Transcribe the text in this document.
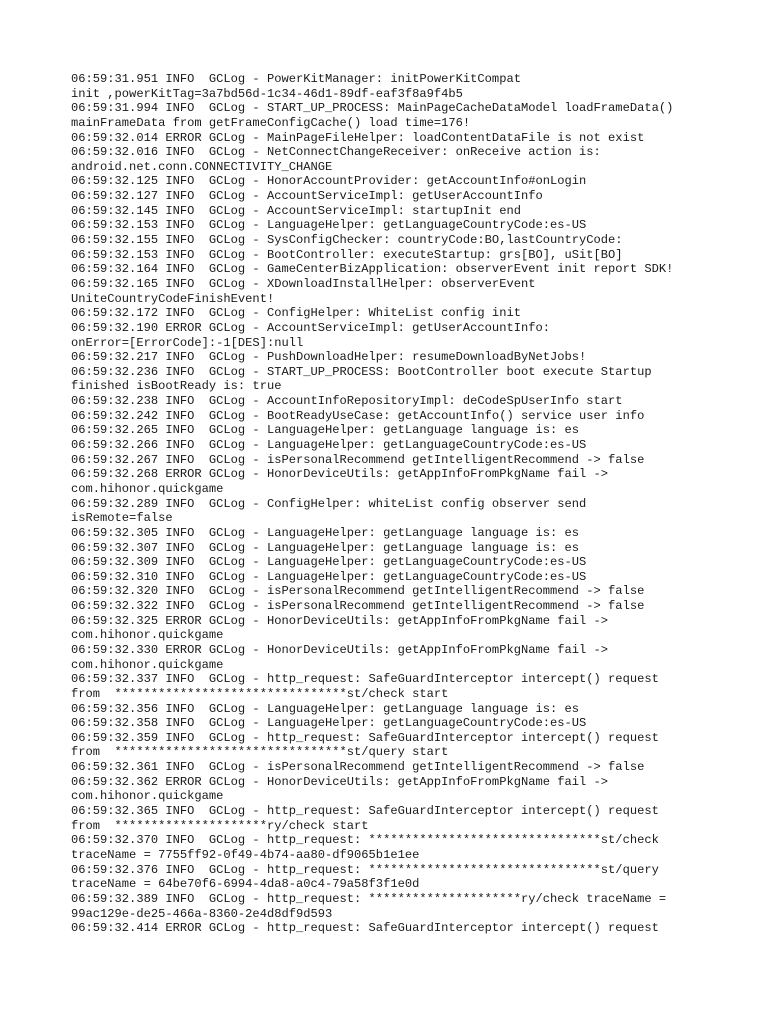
06:59:31.951 INFO  GCLog - PowerKitManager: initPowerKitCompat
init ,powerKitTag=3a7bd56d-1c34-46d1-89df-eaf3f8a9f4b5
06:59:31.994 INFO  GCLog - START_UP_PROCESS: MainPageCacheDataModel loadFrameData()
mainFrameData from getFrameConfigCache() load time=176!
06:59:32.014 ERROR GCLog - MainPageFileHelper: loadContentDataFile is not exist
06:59:32.016 INFO  GCLog - NetConnectChangeReceiver: onReceive action is:
android.net.conn.CONNECTIVITY_CHANGE
06:59:32.125 INFO  GCLog - HonorAccountProvider: getAccountInfo#onLogin
06:59:32.127 INFO  GCLog - AccountServiceImpl: getUserAccountInfo
06:59:32.145 INFO  GCLog - AccountServiceImpl: startupInit end
06:59:32.153 INFO  GCLog - LanguageHelper: getLanguageCountryCode:es-US
06:59:32.155 INFO  GCLog - SysConfigChecker: countryCode:BO,lastCountryCode:
06:59:32.153 INFO  GCLog - BootController: executeStartup: grs[BO], uSit[BO]
06:59:32.164 INFO  GCLog - GameCenterBizApplication: observerEvent init report SDK!
06:59:32.165 INFO  GCLog - XDownloadInstallHelper: observerEvent
UniteCountryCodeFinishEvent!
06:59:32.172 INFO  GCLog - ConfigHelper: WhiteList config init
06:59:32.190 ERROR GCLog - AccountServiceImpl: getUserAccountInfo:
onError=[ErrorCode]:-1[DES]:null
06:59:32.217 INFO  GCLog - PushDownloadHelper: resumeDownloadByNetJobs!
06:59:32.236 INFO  GCLog - START_UP_PROCESS: BootController boot execute Startup
finished isBootReady is: true
06:59:32.238 INFO  GCLog - AccountInfoRepositoryImpl: deCodeSpUserInfo start
06:59:32.242 INFO  GCLog - BootReadyUseCase: getAccountInfo() service user info
06:59:32.265 INFO  GCLog - LanguageHelper: getLanguage language is: es
06:59:32.266 INFO  GCLog - LanguageHelper: getLanguageCountryCode:es-US
06:59:32.267 INFO  GCLog - isPersonalRecommend getIntelligentRecommend -> false
06:59:32.268 ERROR GCLog - HonorDeviceUtils: getAppInfoFromPkgName fail ->
com.hihonor.quickgame
06:59:32.289 INFO  GCLog - ConfigHelper: whiteList config observer send
isRemote=false
06:59:32.305 INFO  GCLog - LanguageHelper: getLanguage language is: es
06:59:32.307 INFO  GCLog - LanguageHelper: getLanguage language is: es
06:59:32.309 INFO  GCLog - LanguageHelper: getLanguageCountryCode:es-US
06:59:32.310 INFO  GCLog - LanguageHelper: getLanguageCountryCode:es-US
06:59:32.320 INFO  GCLog - isPersonalRecommend getIntelligentRecommend -> false
06:59:32.322 INFO  GCLog - isPersonalRecommend getIntelligentRecommend -> false
06:59:32.325 ERROR GCLog - HonorDeviceUtils: getAppInfoFromPkgName fail ->
com.hihonor.quickgame
06:59:32.330 ERROR GCLog - HonorDeviceUtils: getAppInfoFromPkgName fail ->
com.hihonor.quickgame
06:59:32.337 INFO  GCLog - http_request: SafeGuardInterceptor intercept() request
from  ********************************st/check start
06:59:32.356 INFO  GCLog - LanguageHelper: getLanguage language is: es
06:59:32.358 INFO  GCLog - LanguageHelper: getLanguageCountryCode:es-US
06:59:32.359 INFO  GCLog - http_request: SafeGuardInterceptor intercept() request
from  ********************************st/query start
06:59:32.361 INFO  GCLog - isPersonalRecommend getIntelligentRecommend -> false
06:59:32.362 ERROR GCLog - HonorDeviceUtils: getAppInfoFromPkgName fail ->
com.hihonor.quickgame
06:59:32.365 INFO  GCLog - http_request: SafeGuardInterceptor intercept() request
from  *********************ry/check start
06:59:32.370 INFO  GCLog - http_request: ********************************st/check
traceName = 7755ff92-0f49-4b74-aa80-df9065b1e1ee
06:59:32.376 INFO  GCLog - http_request: ********************************st/query
traceName = 64be70f6-6994-4da8-a0c4-79a58f3f1e0d
06:59:32.389 INFO  GCLog - http_request: *********************ry/check traceName =
99ac129e-de25-466a-8360-2e4d8df9d593
06:59:32.414 ERROR GCLog - http_request: SafeGuardInterceptor intercept() request
